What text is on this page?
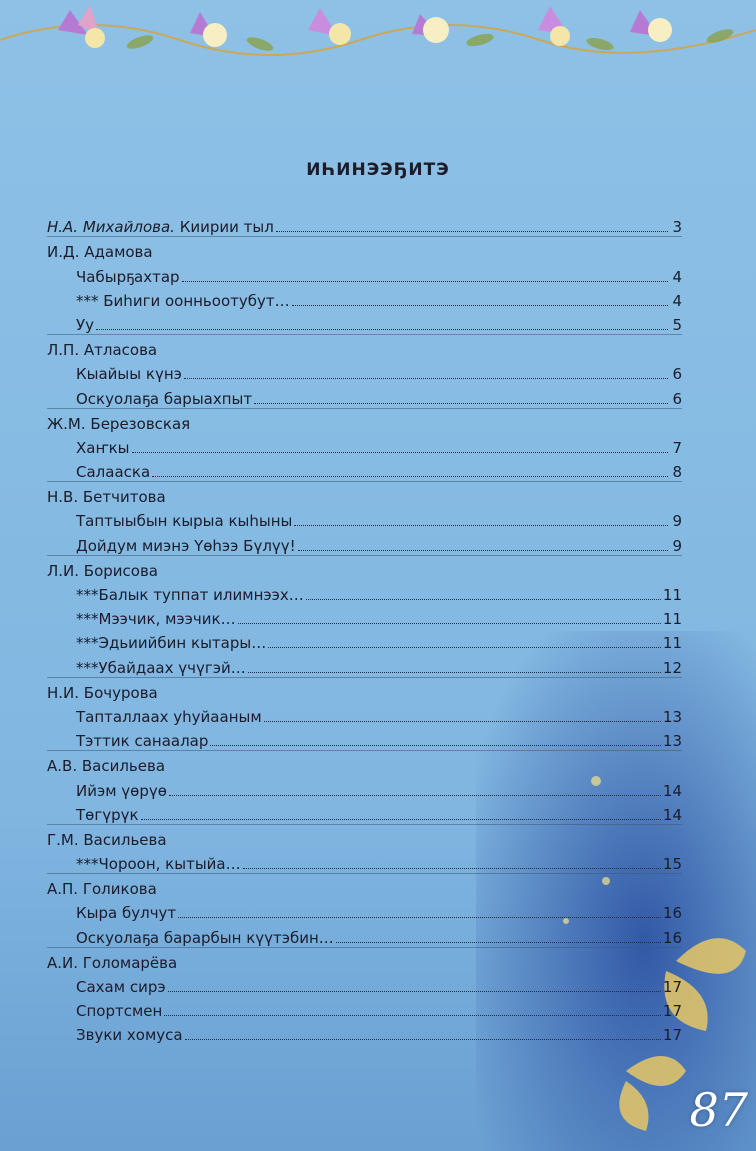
ИҺИНЭЭҔИТЭ
Н.А. Михайлова. Киирии тыл	3
И.Д. Адамова
Чабырҕахтар	4
*** Биһиги оонньоотубут…	4
Уу	5
Л.П. Атласова
Кыайыы күнэ	6
Оскуолаҕа барыахпыт	6
Ж.М. Березовская
Хаҥкы	7
Салааска	8
Н.В. Бетчитова
Таптыыбын кырыа кыһыны	9
Дойдум миэнэ Үөһээ Бүлүү!	9
Л.И. Борисова
***Балык туппат илимнээх…	11
***Мээчик, мээчик…	11
***Эдьиийбин кытары…	11
***Убайдаах үчүгэй…	12
Н.И. Бочурова
Тапталлаах уһуйааным	13
Тэттик санаалар	13
А.В. Васильева
Ийэм үөрүө	14
Төгүрүк	14
Г.М. Васильева
***Чороон, кытыйа…	15
А.П. Голикова
Кыра булчут	16
Оскуолаҕа барарбын күүтэбин…	16
А.И. Голомарёва
Сахам сирэ	17
Спортсмен	17
Звуки хомуса	17
87
